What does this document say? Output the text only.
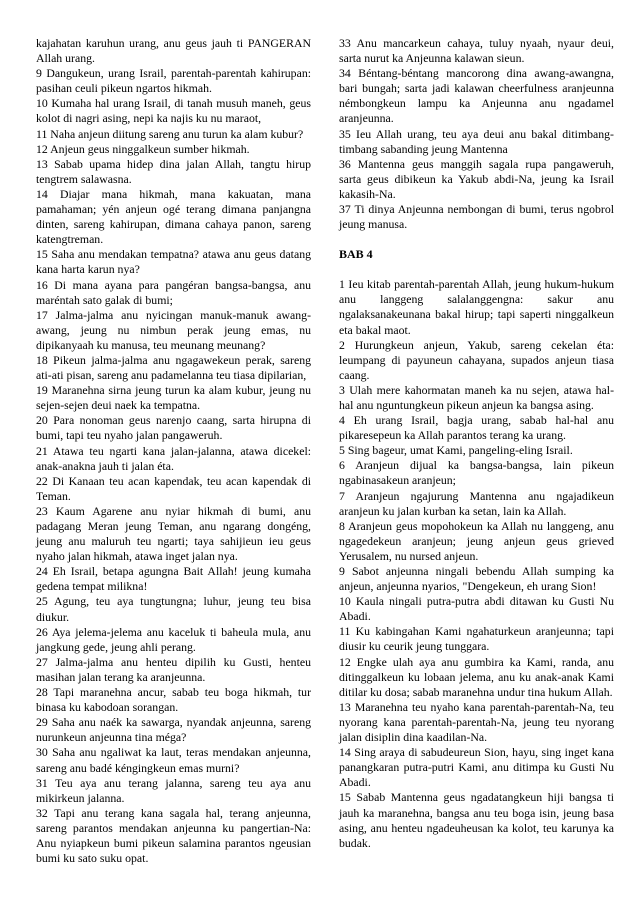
kajahatan karuhun urang, anu geus jauh ti PANGERAN Allah urang.

9 Dangukeun, urang Israil, parentah-parentah kahirupan: pasihan ceuli pikeun ngartos hikmah.

10 Kumaha hal urang Israil, di tanah musuh maneh, geus kolot di nagri asing, nepi ka najis ku nu maraot,

11 Naha anjeun diitung sareng anu turun ka alam kubur?

12 Anjeun geus ninggalkeun sumber hikmah.

13 Sabab upama hidep dina jalan Allah, tangtu hirup tengtrem salawasna.

14 Diajar mana hikmah, mana kakuatan, mana pamahaman; yén anjeun ogé terang dimana panjangna dinten, sareng kahirupan, dimana cahaya panon, sareng katengtreman.

15 Saha anu mendakan tempatna? atawa anu geus datang kana harta karun nya?

16 Di mana ayana para pangéran bangsa-bangsa, anu maréntah sato galak di bumi;

17 Jalma-jalma anu nyicingan manuk-manuk awang-awang, jeung nu nimbun perak jeung emas, nu dipikanyaah ku manusa, teu meunang meunang?

18 Pikeun jalma-jalma anu ngagawekeun perak, sareng ati-ati pisan, sareng anu padamelanna teu tiasa dipilarian,

19 Maranehna sirna jeung turun ka alam kubur, jeung nu sejen-sejen deui naek ka tempatna.

20 Para nonoman geus narenjo caang, sarta hirupna di bumi, tapi teu nyaho jalan pangaweruh.

21 Atawa teu ngarti kana jalan-jalanna, atawa dicekel: anak-anakna jauh ti jalan éta.

22 Di Kanaan teu acan kapendak, teu acan kapendak di Teman.

23 Kaum Agarene anu nyiar hikmah di bumi, anu padagang Meran jeung Teman, anu ngarang dongéng, jeung anu maluruh teu ngarti; taya sahijieun ieu geus nyaho jalan hikmah, atawa inget jalan nya.

24 Eh Israil, betapa agungna Bait Allah! jeung kumaha gedena tempat milikna!

25 Agung, teu aya tungtungna; luhur, jeung teu bisa diukur.

26 Aya jelema-jelema anu kaceluk ti baheula mula, anu jangkung gede, jeung ahli perang.

27 Jalma-jalma anu henteu dipilih ku Gusti, henteu masihan jalan terang ka aranjeunna.

28 Tapi maranehna ancur, sabab teu boga hikmah, tur binasa ku kabodoan sorangan.

29 Saha anu naék ka sawarga, nyandak anjeunna, sareng nurunkeun anjeunna tina méga?

30 Saha anu ngaliwat ka laut, teras mendakan anjeunna, sareng anu badé kéngingkeun emas murni?

31 Teu aya anu terang jalanna, sareng teu aya anu mikirkeun jalanna.

32 Tapi anu terang kana sagala hal, terang anjeunna, sareng parantos mendakan anjeunna ku pangertian-Na: Anu nyiapkeun bumi pikeun salamina parantos ngeusian bumi ku sato suku opat.

33 Anu mancarkeun cahaya, tuluy nyaah, nyaur deui, sarta nurut ka Anjeunna kalawan sieun.

34 Béntang-béntang mancorong dina awang-awangna, bari bungah; sarta jadi kalawan cheerfulness aranjeunna némbongkeun lampu ka Anjeunna anu ngadamel aranjeunna.

35 Ieu Allah urang, teu aya deui anu bakal ditimbang-timbang sabanding jeung Mantenna

36 Mantenna geus manggih sagala rupa pangaweruh, sarta geus dibikeun ka Yakub abdi-Na, jeung ka Israil kakasih-Na.

37 Ti dinya Anjeunna nembongan di bumi, terus ngobrol jeung manusa.

BAB 4

1 Ieu kitab parentah-parentah Allah, jeung hukum-hukum anu langgeng salalanggengna: sakur anu ngalaksanakeunana bakal hirup; tapi saperti ninggalkeun eta bakal maot.

2 Hurungkeun anjeun, Yakub, sareng cekelan éta: leumpang di payuneun cahayana, supados anjeun tiasa caang.

3 Ulah mere kahormatan maneh ka nu sejen, atawa hal-hal anu nguntungkeun pikeun anjeun ka bangsa asing.

4 Eh urang Israil, bagja urang, sabab hal-hal anu pikaresepeun ka Allah parantos terang ka urang.

5 Sing bageur, umat Kami, pangeling-eling Israil.

6 Aranjeun dijual ka bangsa-bangsa, lain pikeun ngabinasakeun aranjeun;

7 Aranjeun ngajurung Mantenna anu ngajadikeun aranjeun ku jalan kurban ka setan, lain ka Allah.

8 Aranjeun geus mopohokeun ka Allah nu langgeng, anu ngagedekeun aranjeun; jeung anjeun geus grieved Yerusalem, nu nursed anjeun.

9 Sabot anjeunna ningali bebendu Allah sumping ka anjeun, anjeunna nyarios, "Dengekeun, eh urang Sion!

10 Kaula ningali putra-putra abdi ditawan ku Gusti Nu Abadi.

11 Ku kabingahan Kami ngahaturkeun aranjeunna; tapi diusir ku ceurik jeung tunggara.

12 Engke ulah aya anu gumbira ka Kami, randa, anu ditinggalkeun ku lobaan jelema, anu ku anak-anak Kami ditilar ku dosa; sabab maranehna undur tina hukum Allah.

13 Maranehna teu nyaho kana parentah-parentah-Na, teu nyorang kana parentah-parentah-Na, jeung teu nyorang jalan disiplin dina kaadilan-Na.

14 Sing araya di sabudeureun Sion, hayu, sing inget kana panangkaran putra-putri Kami, anu ditimpa ku Gusti Nu Abadi.

15 Sabab Mantenna geus ngadatangkeun hiji bangsa ti jauh ka maranehna, bangsa anu teu boga isin, jeung basa asing, anu henteu ngadeuheusan ka kolot, teu karunya ka budak.
